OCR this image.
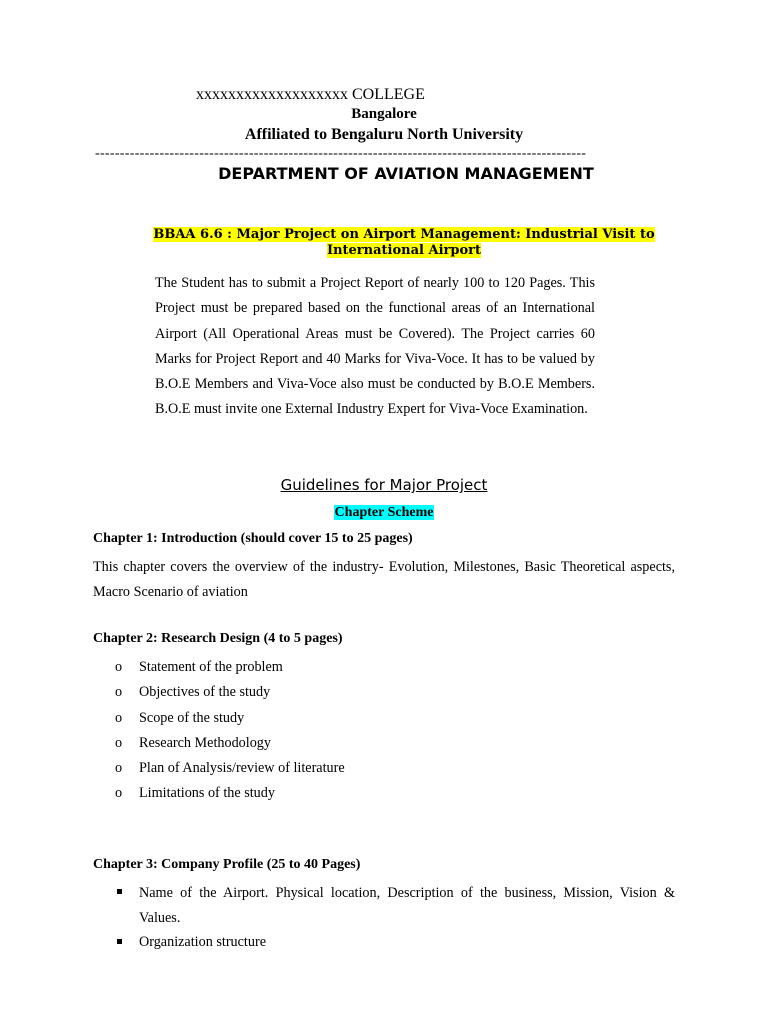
xxxxxxxxxxxxxxxxxxx COLLEGE
Bangalore
Affiliated to Bengaluru North University
---------------------------------------------------------------------------------------------------
DEPARTMENT OF AVIATION MANAGEMENT
BBAA 6.6 : Major Project on Airport Management: Industrial Visit to
International Airport
The Student has to submit a Project Report of nearly 100 to 120 Pages. This Project must be prepared based on the functional areas of an International Airport (All Operational Areas must be Covered). The Project carries 60 Marks for Project Report and 40 Marks for Viva-Voce. It has to be valued by B.O.E Members and Viva-Voce also must be conducted by B.O.E Members. B.O.E must invite one External Industry Expert for Viva-Voce Examination.
Guidelines for Major Project
Chapter Scheme
Chapter 1: Introduction (should cover 15 to 25 pages)
This chapter covers the overview of the industry- Evolution, Milestones, Basic Theoretical aspects, Macro Scenario of aviation
Chapter 2: Research Design (4 to 5 pages)
o	Statement of the problem
o	Objectives of the study
o	Scope of the study
o	Research Methodology
o	Plan of Analysis/review of literature
o	Limitations of the study
Chapter 3: Company Profile (25 to 40 Pages)
Name of the Airport. Physical location, Description of the business, Mission, Vision & Values.
Organization structure
